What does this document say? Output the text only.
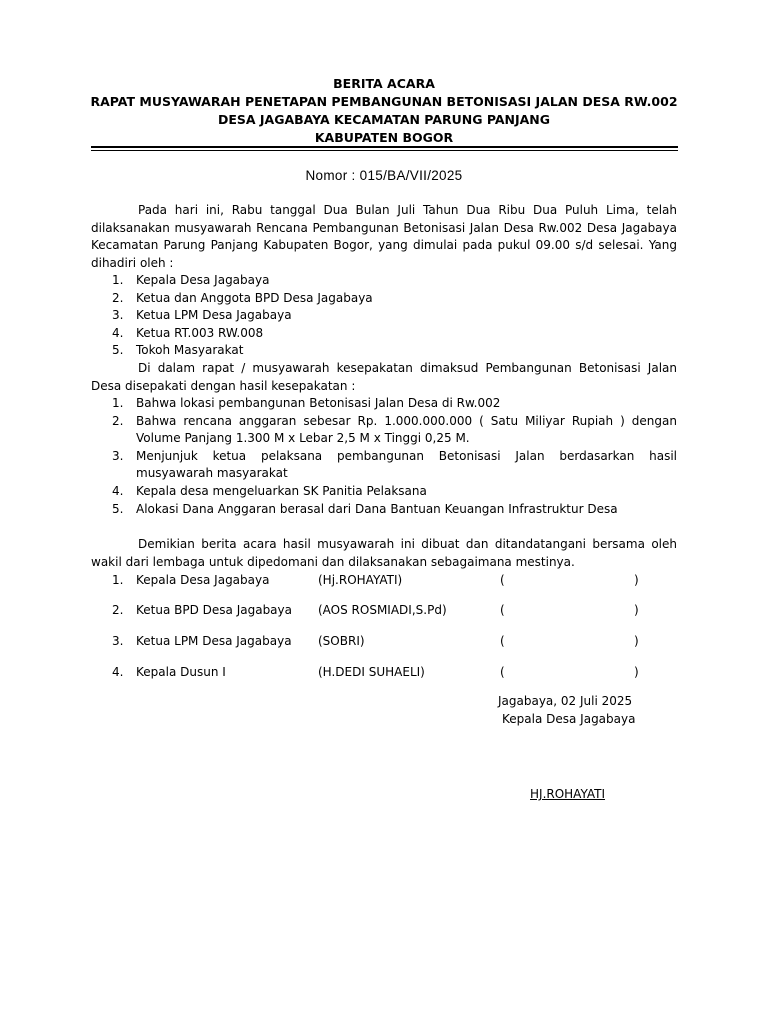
BERITA ACARA
RAPAT MUSYAWARAH PENETAPAN PEMBANGUNAN BETONISASI JALAN DESA RW.002
DESA JAGABAYA KECAMATAN PARUNG PANJANG
KABUPATEN BOGOR
Nomor : 015/BA/VII/2025

Pada hari ini, Rabu tanggal Dua Bulan Juli Tahun Dua Ribu Dua Puluh Lima, telah dilaksanakan musyawarah Rencana Pembangunan Betonisasi Jalan Desa Rw.002 Desa Jagabaya Kecamatan Parung Panjang Kabupaten Bogor, yang dimulai pada pukul 09.00 s/d selesai. Yang dihadiri oleh :

1. Kepala Desa Jagabaya
2. Ketua dan Anggota BPD Desa Jagabaya
3. Ketua LPM Desa Jagabaya
4. Ketua RT.003 RW.008
5. Tokoh Masyarakat

Di dalam rapat / musyawarah kesepakatan dimaksud Pembangunan Betonisasi Jalan Desa disepakati dengan hasil kesepakatan :

1. Bahwa lokasi pembangunan Betonisasi Jalan Desa di Rw.002
2. Bahwa rencana anggaran sebesar Rp. 1.000.000.000 ( Satu Miliyar Rupiah ) dengan Volume Panjang 1.300 M x Lebar 2,5 M x Tinggi 0,25 M.
3. Menjunjuk ketua pelaksana pembangunan Betonisasi Jalan berdasarkan hasil musyawarah masyarakat
4. Kepala desa mengeluarkan SK Panitia Pelaksana
5. Alokasi Dana Anggaran berasal dari Dana Bantuan Keuangan Infrastruktur Desa

Demikian berita acara hasil musyawarah ini dibuat dan ditandatangani bersama oleh wakil dari lembaga untuk dipedomani dan dilaksanakan sebagaimana mestinya.

1. Kepala Desa Jagabaya	(Hj.ROHAYATI)	(	)
2. Ketua BPD Desa Jagabaya (AOS ROSMIADI,S.Pd)	(	)
3. Ketua LPM Desa Jagabaya (SOBRI)	(	)
4. Kepala Dusun I	(H.DEDI SUHAELI)	(	)
Jagabaya, 02 Juli 2025
Kepala Desa Jagabaya
HJ.ROHAYATI
